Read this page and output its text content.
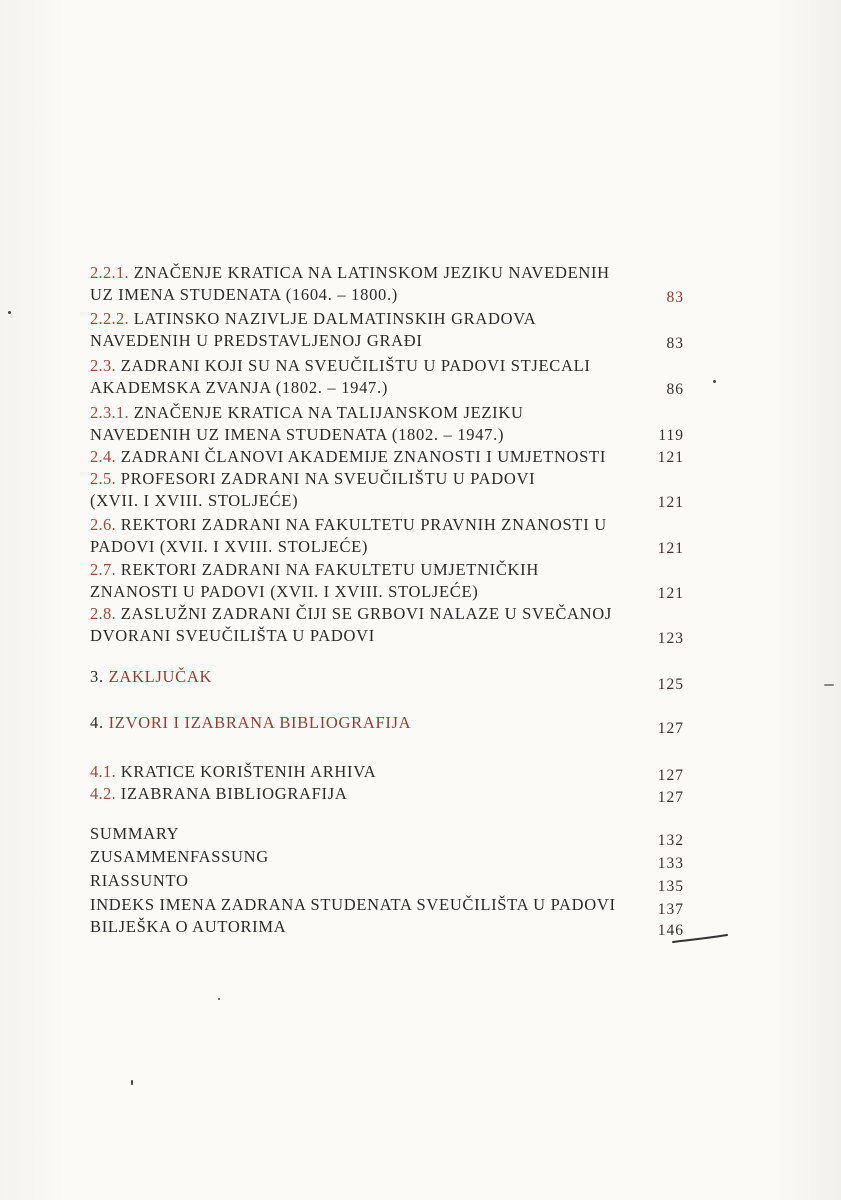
2.2.1. ZNAČENJE KRATICA NA LATINSKOM JEZIKU NAVEDENIH
UZ IMENA STUDENATA (1604. – 1800.)	83
2.2.2. LATINSKO NAZIVLJE DALMATINSKIH GRADOVA
NAVEDENIH U PREDSTAVLJENOJ GRAĐI	83
2.3. ZADRANI KOJI SU NA SVEUČILIŠTU U PADOVI STJECALI
AKADEMSKA ZVANJA (1802. – 1947.)	86
2.3.1. ZNAČENJE KRATICA NA TALIJANSKOM JEZIKU
NAVEDENIH UZ IMENA STUDENATA (1802. – 1947.)	119
2.4. ZADRANI ČLANOVI AKADEMIJE ZNANOSTI I UMJETNOSTI	121
2.5. PROFESORI ZADRANI NA SVEUČILIŠTU U PADOVI
(XVII. I XVIII. STOLJEĆE)	121
2.6. REKTORI ZADRANI NA FAKULTETU PRAVNIH ZNANOSTI U
PADOVI (XVII. I XVIII. STOLJEĆE)	121
2.7. REKTORI ZADRANI NA FAKULTETU UMJETNIČKIH
ZNANOSTI U PADOVI (XVII. I XVIII. STOLJEĆE)	121
2.8. ZASLUŽNI ZADRANI ČIJI SE GRBOVI NALAZE U SVEČANOJ
DVORANI SVEUČILIŠTA U PADOVI	123
3. ZAKLJUČAK	125
4. IZVORI I IZABRANA BIBLIOGRAFIJA	127
4.1. KRATICE KORIŠTENIH ARHIVA	127
4.2. IZABRANA BIBLIOGRAFIJA	127
SUMMARY	132
ZUSAMMENFASSUNG	133
RIASSUNTO	135
INDEKS IMENA ZADRANA STUDENATA SVEUČILIŠTA U PADOVI	137
BILJEŠKA O AUTORIMA	146
